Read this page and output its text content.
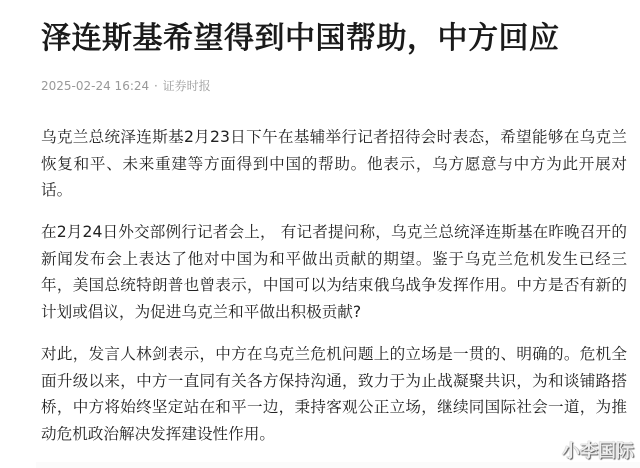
泽连斯基希望得到中国帮助，中方回应
2025-02-24 16:24 · 证券时报

乌克兰总统泽连斯基2月23日下午在基辅举行记者招待会时表态，希望能够在乌克兰恢复和平、未来重建等方面得到中国的帮助。他表示，乌方愿意与中方为此开展对话。

在2月24日外交部例行记者会上， 有记者提问称，乌克兰总统泽连斯基在昨晚召开的新闻发布会上表达了他对中国为和平做出贡献的期望。鉴于乌克兰危机发生已经三年，美国总统特朗普也曾表示，中国可以为结束俄乌战争发挥作用。中方是否有新的计划或倡议，为促进乌克兰和平做出积极贡献?

对此，发言人林剑表示，中方在乌克兰危机问题上的立场是一贯的、明确的。危机全面升级以来，中方一直同有关各方保持沟通，致力于为止战凝聚共识，为和谈铺路搭桥，中方将始终坚定站在和平一边，秉持客观公正立场，继续同国际社会一道，为推动危机政治解决发挥建设性作用。

小李国际
